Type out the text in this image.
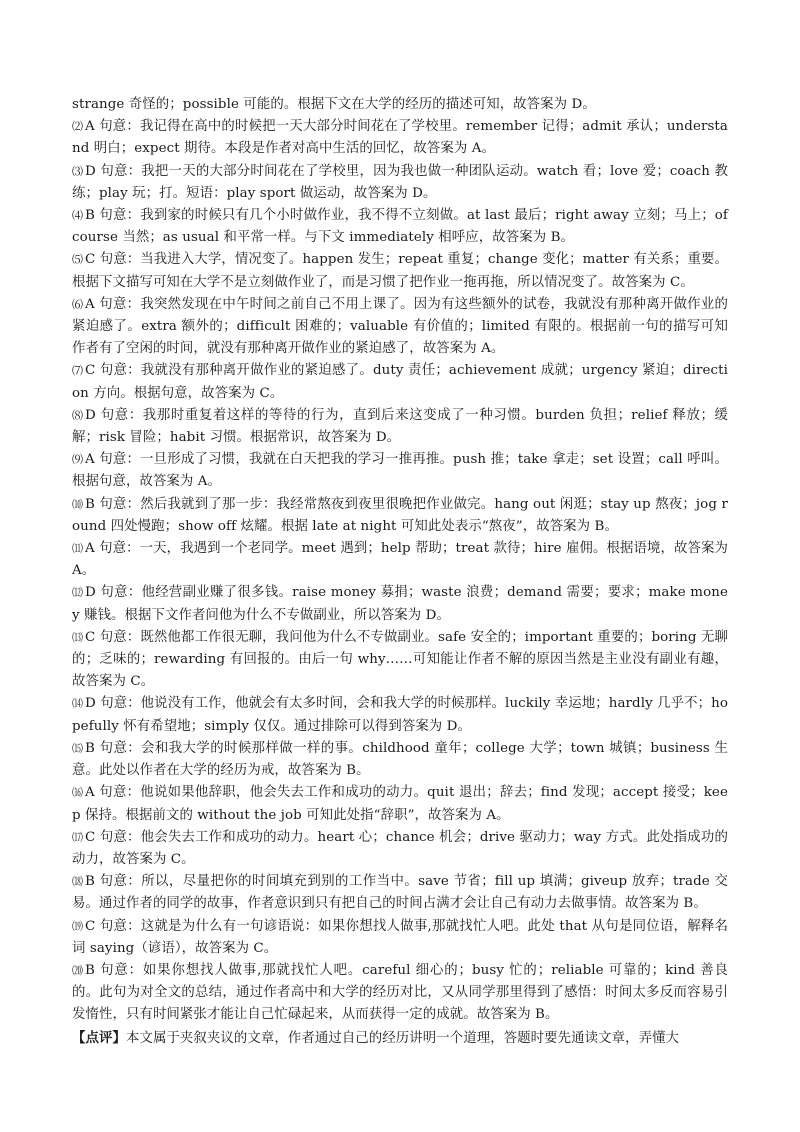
strange 奇怪的；possible 可能的。根据下文在大学的经历的描述可知，故答案为 D。

⑵ A 句意：我记得在高中的时候把一天大部分时间花在了学校里。remember 记得；admit 承认；understand 明白；expect 期待。本段是作者对高中生活的回忆，故答案为 A。

⑶ D 句意：我把一天的大部分时间花在了学校里，因为我也做一种团队运动。watch 看；love 爱；coach 教练；play 玩；打。短语：play sport 做运动，故答案为 D。

⑷ B 句意：我到家的时候只有几个小时做作业，我不得不立刻做。at last 最后；right away 立刻；马上；of course 当然；as usual 和平常一样。与下文 immediately 相呼应，故答案为 B。

⑸ C 句意：当我进入大学，情况变了。happen 发生；repeat 重复；change 变化；matter 有关系；重要。根据下文描写可知在大学不是立刻做作业了，而是习惯了把作业一拖再拖，所以情况变了。故答案为 C。

⑹ A 句意：我突然发现在中午时间之前自己不用上课了。因为有这些额外的试卷，我就没有那种离开做作业的紧迫感了。extra 额外的；difficult 困难的；valuable 有价值的；limited 有限的。根据前一句的描写可知作者有了空闲的时间，就没有那种离开做作业的紧迫感了，故答案为 A。

⑺ C 句意：我就没有那种离开做作业的紧迫感了。duty 责任；achievement 成就；urgency 紧迫；direction 方向。根据句意，故答案为 C。

⑻ D 句意：我那时重复着这样的等待的行为，直到后来这变成了一种习惯。burden 负担；relief 释放；缓解；risk 冒险；habit 习惯。根据常识，故答案为 D。

⑼ A 句意：一旦形成了习惯，我就在白天把我的学习一推再推。push 推；take 拿走；set 设置；call 呼叫。根据句意，故答案为 A。

⑽ B 句意：然后我就到了那一步：我经常熬夜到夜里很晚把作业做完。hang out 闲逛；stay up 熬夜；jog round 四处慢跑；show off 炫耀。根据 late at night 可知此处表示“熬夜”，故答案为 B。

⑾ A 句意：一天，我遇到一个老同学。meet 遇到；help 帮助；treat 款待；hire 雇佣。根据语境，故答案为 A。

⑿ D 句意：他经营副业赚了很多钱。raise money 募捐；waste 浪费；demand 需要；要求；make money 赚钱。根据下文作者问他为什么不专做副业，所以答案为 D。

⒀ C 句意：既然他都工作很无聊，我问他为什么不专做副业。safe 安全的；important 重要的；boring 无聊的；乏味的；rewarding 有回报的。由后一句 why……可知能让作者不解的原因当然是主业没有副业有趣，故答案为 C。

⒁ D 句意：他说没有工作，他就会有太多时间，会和我大学的时候那样。luckily 幸运地；hardly 几乎不；hopefully 怀有希望地；simply 仅仅。通过排除可以得到答案为 D。

⒂ B 句意：会和我大学的时候那样做一样的事。childhood 童年；college 大学；town 城镇；business 生意。此处以作者在大学的经历为戒，故答案为 B。

⒃ A 句意：他说如果他辞职，他会失去工作和成功的动力。quit 退出；辞去；find 发现；accept 接受；keep 保持。根据前文的 without the job 可知此处指“辞职”，故答案为 A。

⒄ C 句意：他会失去工作和成功的动力。heart 心；chance 机会；drive 驱动力；way 方式。此处指成功的动力，故答案为 C。

⒅ B 句意：所以，尽量把你的时间填充到别的工作当中。save 节省；fill up 填满；giveup 放弃；trade 交易。通过作者的同学的故事，作者意识到只有把自己的时间占满才会让自己有动力去做事情。故答案为 B。

⒆ C 句意：这就是为什么有一句谚语说：如果你想找人做事,那就找忙人吧。此处 that 从句是同位语，解释名词 saying（谚语），故答案为 C。

⒇ B 句意：如果你想找人做事,那就找忙人吧。careful 细心的；busy 忙的；reliable 可靠的；kind 善良的。此句为对全文的总结，通过作者高中和大学的经历对比，又从同学那里得到了感悟：时间太多反而容易引发惰性，只有时间紧张才能让自己忙碌起来，从而获得一定的成就。故答案为 B。

【点评】本文属于夹叙夹议的文章，作者通过自己的经历讲明一个道理，答题时要先通读文章，弄懂大
